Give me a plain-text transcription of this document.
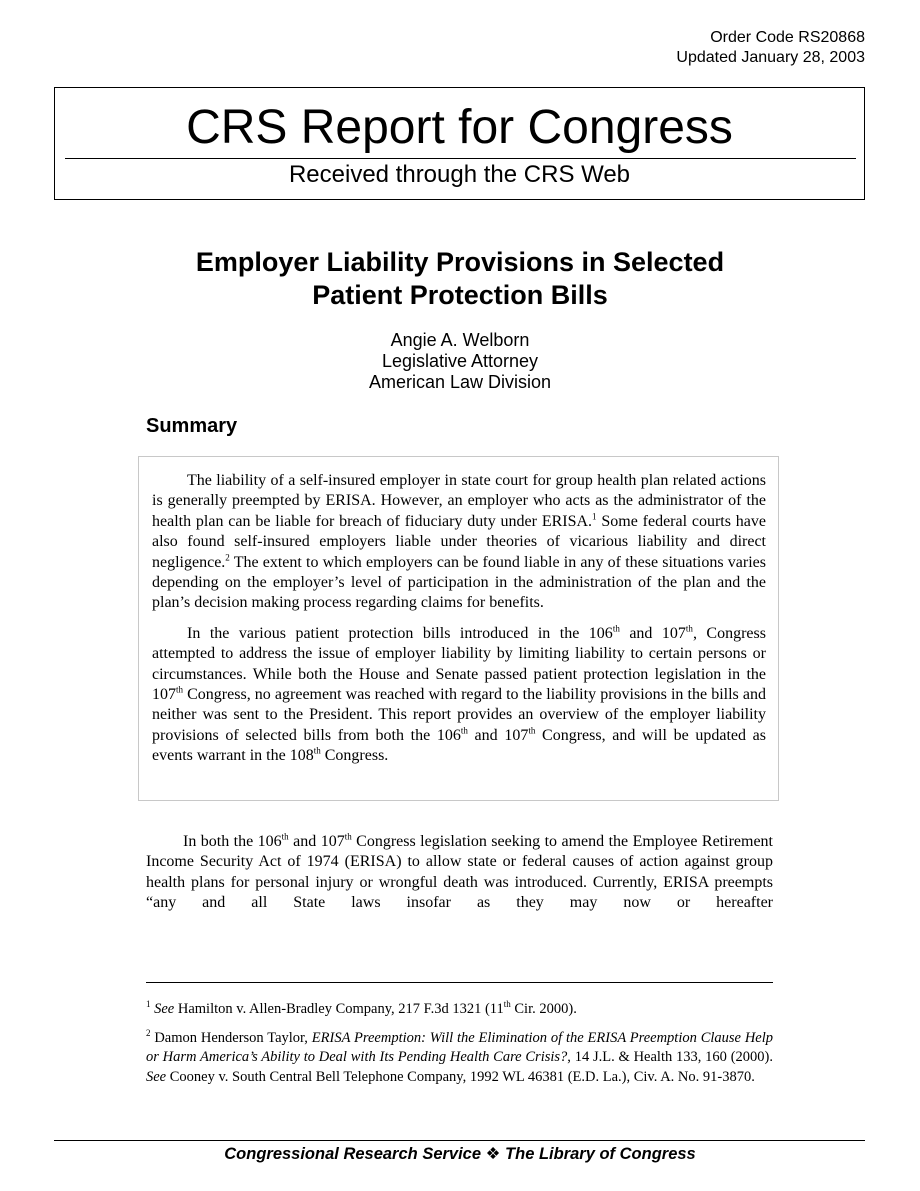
Order Code RS20868
Updated January 28, 2003
CRS Report for Congress
Received through the CRS Web
Employer Liability Provisions in Selected
Patient Protection Bills
Angie A. Welborn
Legislative Attorney
American Law Division
Summary

The liability of a self-insured employer in state court for group health plan related actions is generally preempted by ERISA. However, an employer who acts as the administrator of the health plan can be liable for breach of fiduciary duty under ERISA.$^1$ Some federal courts have also found self-insured employers liable under theories of vicarious liability and direct negligence.$^2$ The extent to which employers can be found liable in any of these situations varies depending on the employer’s level of participation in the administration of the plan and the plan’s decision making process regarding claims for benefits.

In the various patient protection bills introduced in the 106th and 107th, Congress attempted to address the issue of employer liability by limiting liability to certain persons or circumstances. While both the House and Senate passed patient protection legislation in the 107th Congress, no agreement was reached with regard to the liability provisions in the bills and neither was sent to the President. This report provides an overview of the employer liability provisions of selected bills from both the 106th and 107th Congress, and will be updated as events warrant in the 108th Congress.

In both the 106th and 107th Congress legislation seeking to amend the Employee Retirement Income Security Act of 1974 (ERISA) to allow state or federal causes of action against group health plans for personal injury or wrongful death was introduced. Currently, ERISA preempts “any and all State laws insofar as they may now or hereafter

$^1$ See Hamilton v. Allen-Bradley Company, 217 F.3d 1321 (11th Cir. 2000).

$^2$ Damon Henderson Taylor, ERISA Preemption: Will the Elimination of the ERISA Preemption Clause Help or Harm America’s Ability to Deal with Its Pending Health Care Crisis?, 14 J.L. & Health 133, 160 (2000). See Cooney v. South Central Bell Telephone Company, 1992 WL 46381 (E.D. La.), Civ. A. No. 91-3870.

Congressional Research Service ❖ The Library of Congress
